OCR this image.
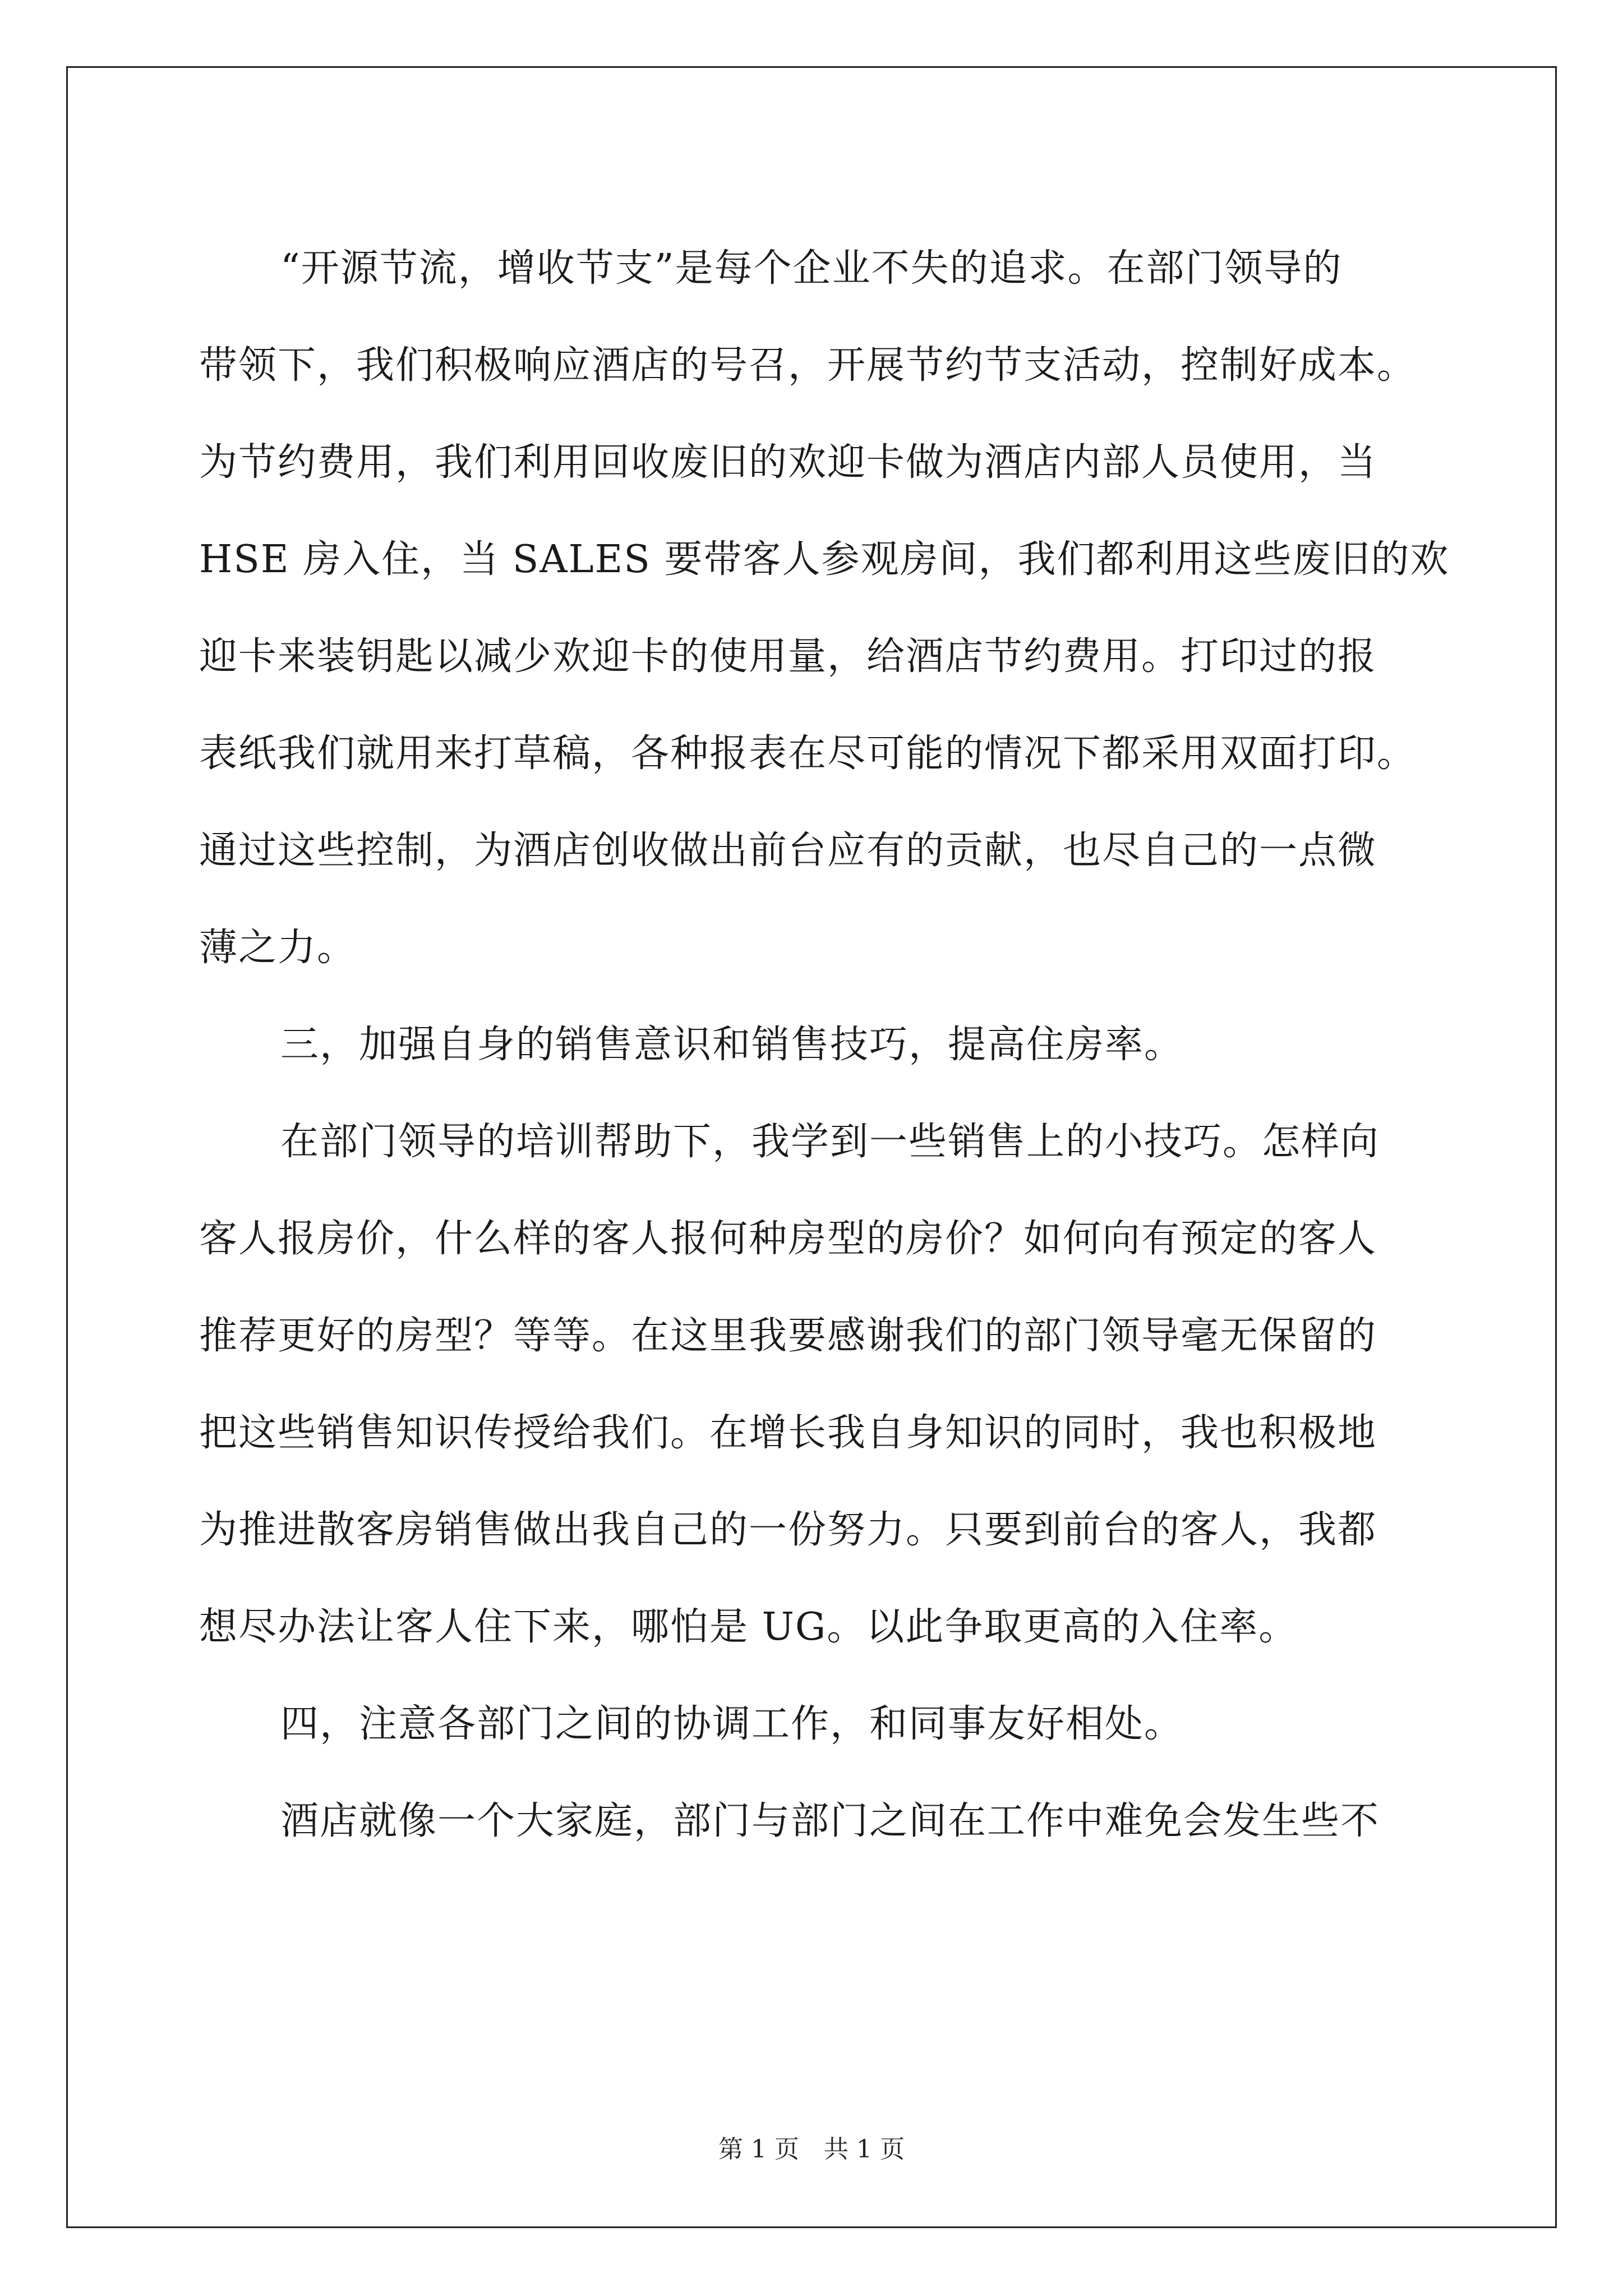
“开源节流，增收节支”是每个企业不失的追求。在部门领导的
带领下，我们积极响应酒店的号召，开展节约节支活动，控制好成本。
为节约费用，我们利用回收废旧的欢迎卡做为酒店内部人员使用，当
HSE 房入住，当 SALES 要带客人参观房间，我们都利用这些废旧的欢
迎卡来装钥匙以减少欢迎卡的使用量，给酒店节约费用。打印过的报
表纸我们就用来打草稿，各种报表在尽可能的情况下都采用双面打印。
通过这些控制，为酒店创收做出前台应有的贡献，也尽自己的一点微
薄之力。
三，加强自身的销售意识和销售技巧，提高住房率。
在部门领导的培训帮助下，我学到一些销售上的小技巧。怎样向
客人报房价，什么样的客人报何种房型的房价？如何向有预定的客人
推荐更好的房型？等等。在这里我要感谢我们的部门领导毫无保留的
把这些销售知识传授给我们。在增长我自身知识的同时，我也积极地
为推进散客房销售做出我自己的一份努力。只要到前台的客人，我都
想尽办法让客人住下来，哪怕是 UG。以此争取更高的入住率。
四，注意各部门之间的协调工作，和同事友好相处。
酒店就像一个大家庭，部门与部门之间在工作中难免会发生些不
第 1 页　共 1 页
